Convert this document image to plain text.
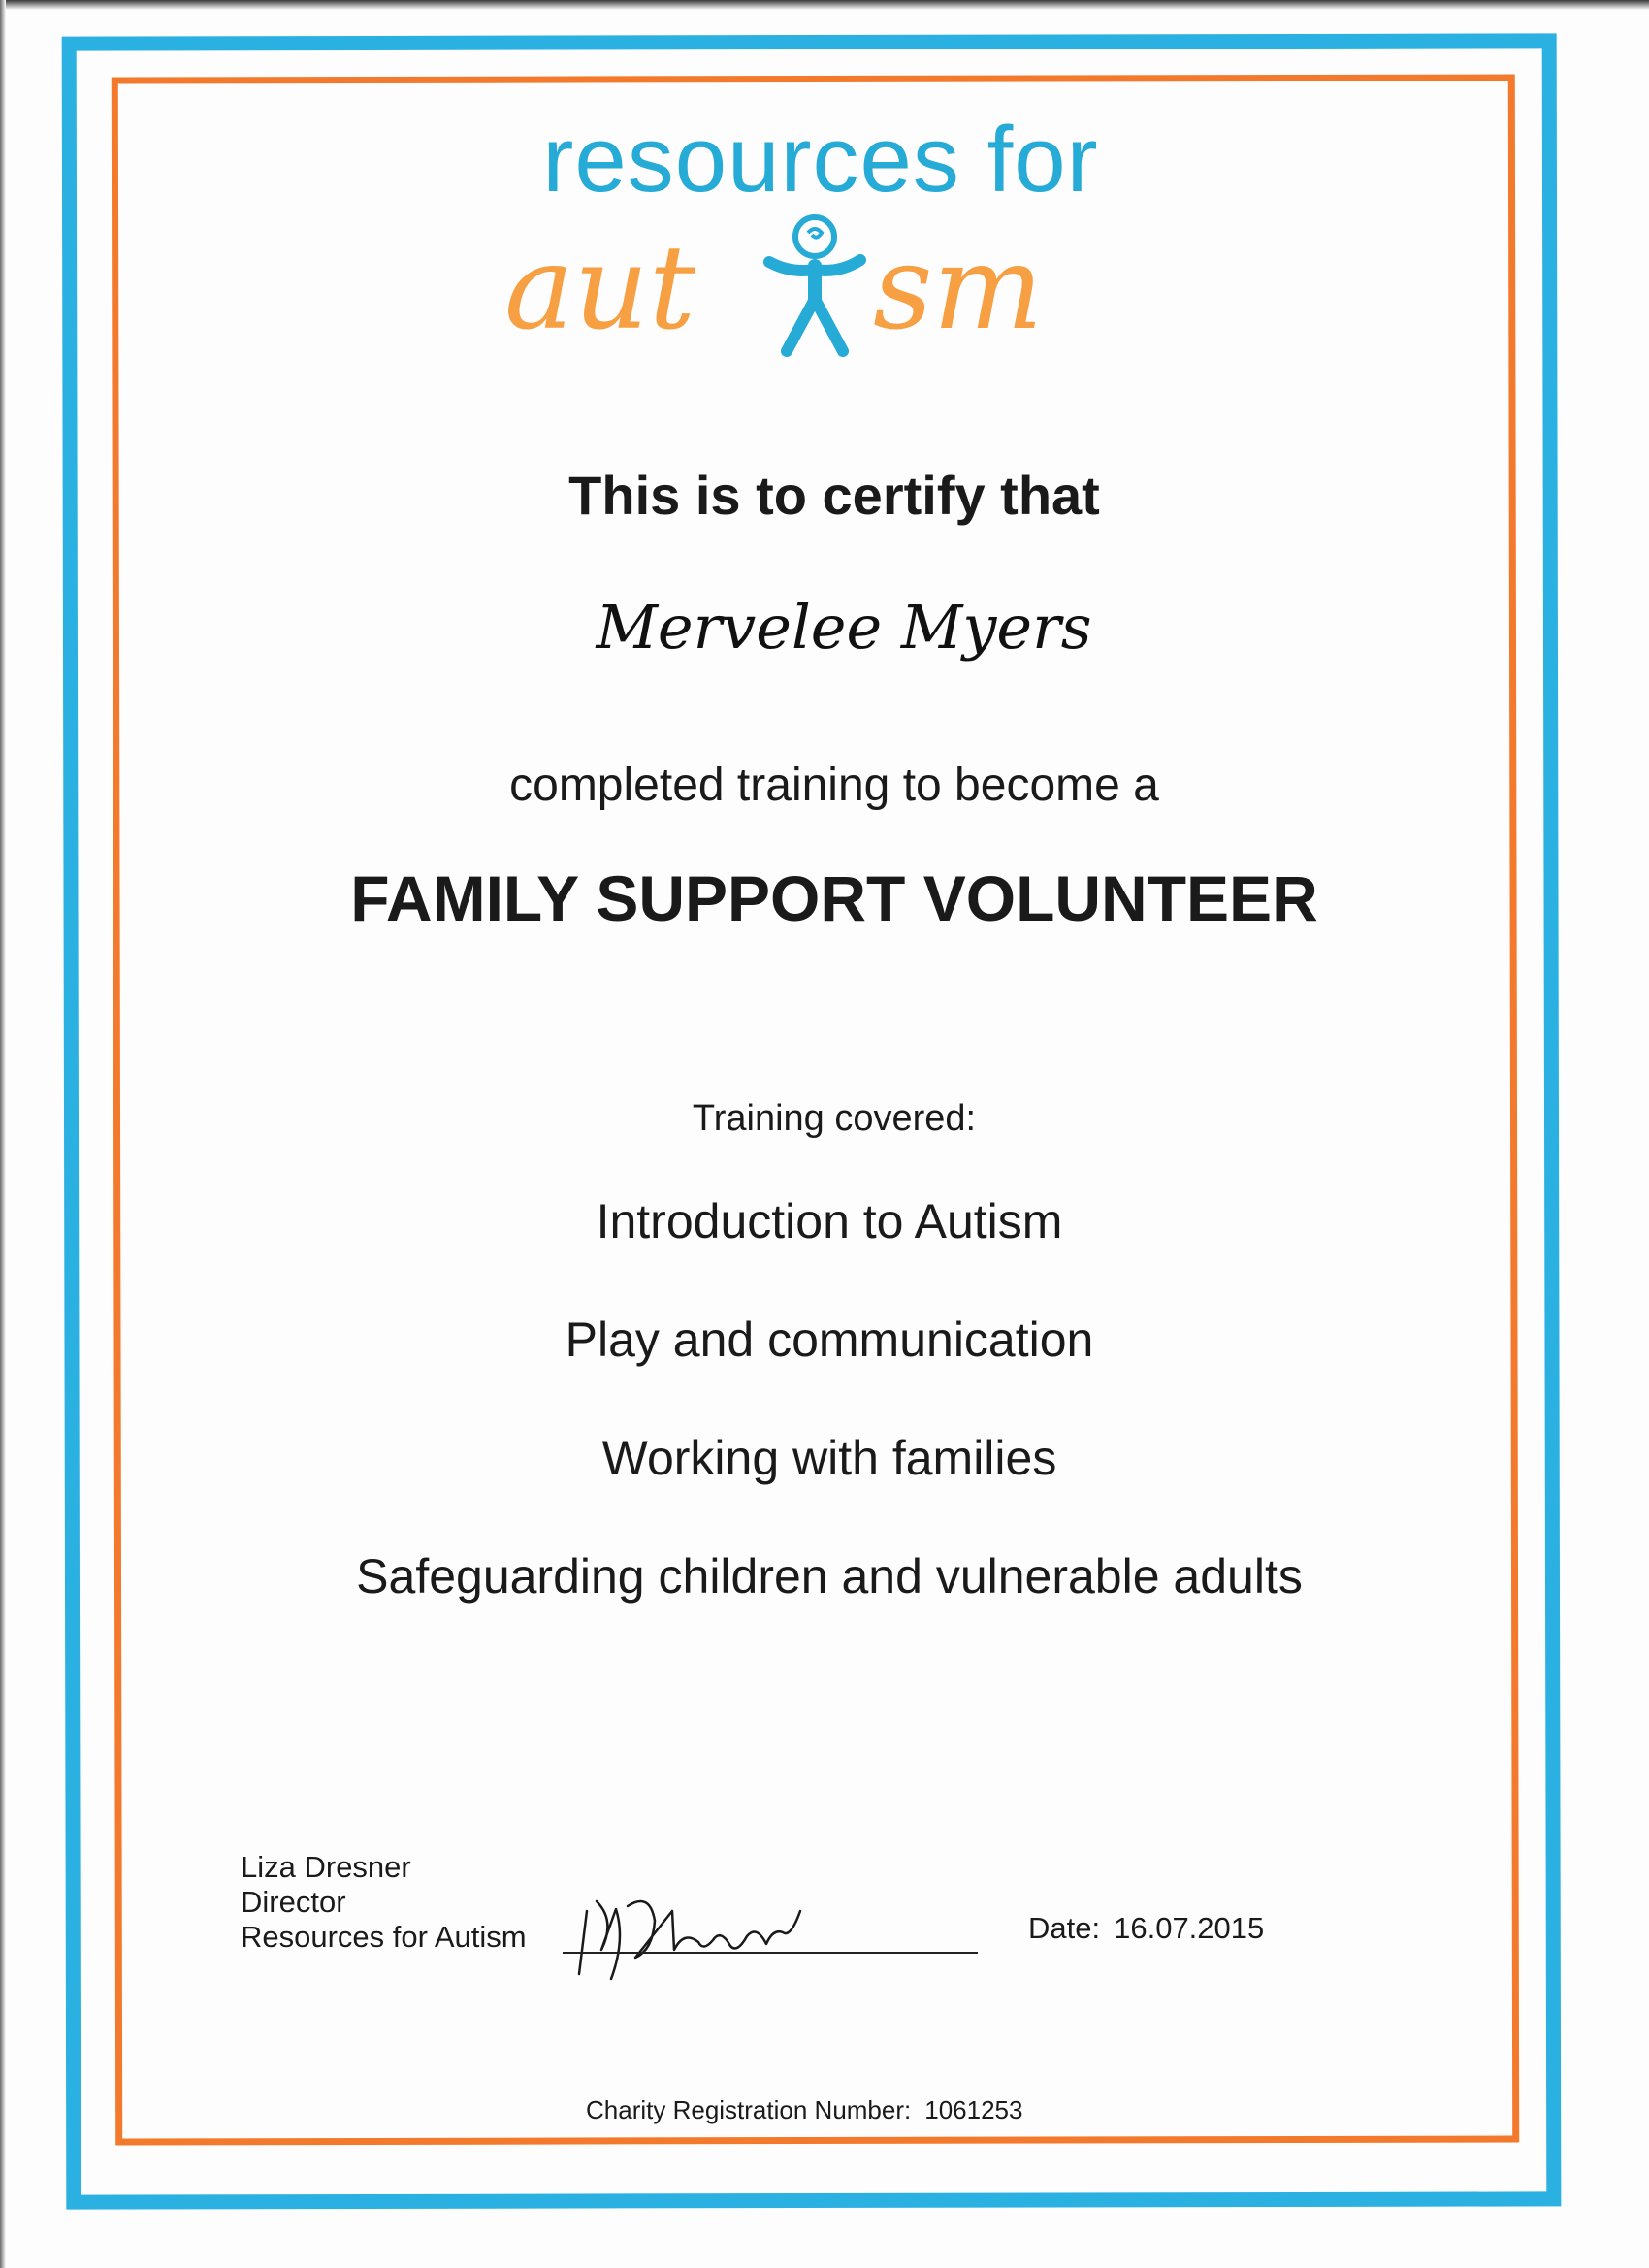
resources for
aut sm
This is to certify that
Mervelee Myers
completed training to become a
FAMILY SUPPORT VOLUNTEER
Training covered:
Introduction to Autism
Play and communication
Working with families
Safeguarding children and vulnerable adults
Liza Dresner
Director
Resources for Autism	Date: 16.07.2015
Charity Registration Number: 1061253
